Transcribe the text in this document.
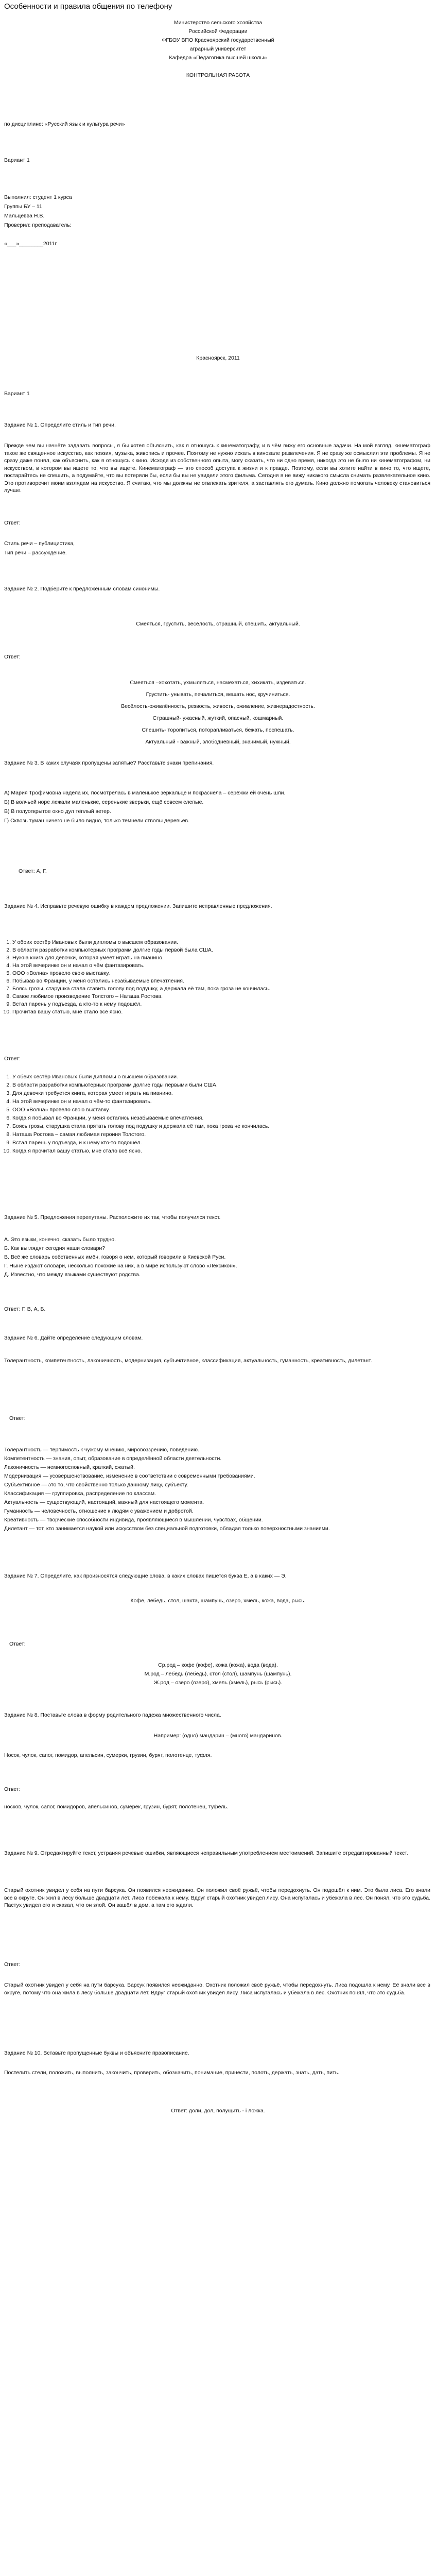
Особенности и правила общения по телефону
Министерство сельского хозяйства
Российской Федерации
ФГБОУ ВПО Красноярский государственный
аграрный университет
Кафедра «Педагогика высшей школы»
КОНТРОЛЬНАЯ РАБОТА
по дисциплине: «Русский язык и культура речи»
Вариант 1
Выполнил: студент 1 курса
Группы БУ – 11
Мальцевва Н.В.
Проверил: преподаватель:
«___»________2011г
Красноярск, 2011
Вариант 1
Задание № 1. Определите стиль и тип речи.
Прежде чем вы начнёте задавать вопросы, я бы хотел объяснить, как я отношусь к кинематографу, и в чём вижу его основные задачи. На мой взгляд, кинематограф такое же священное искусство, как поэзия, музыка, живопись и прочее. Поэтому не нужно искать в кинозале развлечения. Я не сразу же осмыслил эти проблемы. Я не сразу даже понял, как объяснить, как я отношусь к кино. Исходя из собственного опыта, могу сказать, что ни одно время, никогда это не было ни кинематографом, ни искусством, в котором вы ищете то, что вы ищете. Кинематограф — это способ доступа к жизни и к правде. Поэтому, если вы хотите найти в кино то, что ищете, постарайтесь не спешить, а подумайте, что вы потеряли бы, если бы вы не увидели этого фильма. Сегодня я не вижу никакого смысла снимать развлекательное кино. Это противоречит моим взглядам на искусство. Я считаю, что мы должны не отвлекать зрителя, а заставлять его думать. Кино должно помогать человеку становиться лучше.
Ответ:
Стиль речи – публицистика,
Тип речи – рассуждение.
Задание № 2. Подберите к предложенным словам синонимы.
Смеяться, грустить, весёлость, страшный, спешить, актуальный.
Ответ:
Смеяться –хохотать, ухмыляться, насмехаться, хихикать, издеваться.
Грустить- унывать, печалиться, вешать нос, кручиниться.
Весёлость-оживлённость, резвость, живость, оживление, жизнерадостность.
Страшный- ужасный, жуткий, опасный, кошмарный.
Спешить- торопиться, поторапливаться, бежать, поспешать.
Актуальный - важный, злободневный, значимый, нужный.
Задание № 3. В каких случаях пропущены запятые? Расставьте знаки препинания.
А) Мария Трофимовна надела их, посмотрелась в маленькое зеркальце и покраснела – серёжки ей очень шли.
Б) В волчьей норе лежали маленькие, серенькие зверьки, ещё совсем слепые.
В) В полуоткрытое окно дул тёплый ветер.
Г) Сквозь туман ничего не было видно, только темнели стволы деревьев.
Ответ: А, Г.
Задание № 4. Исправьте речевую ошибку в каждом предложении. Запишите исправленные предложения.
1. У обоих сестёр Ивановых были дипломы о высшем образовании.
2. В области разработки компьютерных программ долгие годы первой была США.
3. Нужна книга для девочки, которая умеет играть на пианино.
4. На этой вечеринке он и начал о чём фантазировать.
5. ООО «Волна» провело свою выставку.
6. Побывав во Франции, у меня остались незабываемые впечатления.
7. Боясь грозы, старушка стала ставить голову под подушку, а держала её там, пока гроза не кончилась.
8. Самое любимое произведение Толстого – Наташа Ростова.
9. Встал парень у подъезда, а кто-то к нему подошёл.
10. Прочитав вашу статью, мне стало всё ясно.
Ответ:
1. У обеих сестёр Ивановых были дипломы о высшем образовании.
2. В области разработки компьютерных программ долгие годы первыми были США.
3. Для девочки требуется книга, которая умеет играть на пианино.
4. На этой вечеринке он и начал о чём-то фантазировать.
5. ООО «Волна» провело свою выставку.
6. Когда я побывал во Франции, у меня остались незабываемые впечатления.
7. Боясь грозы, старушка стала прятать голову под подушку и держала её там, пока гроза не кончилась.
8. Наташа Ростова – самая любимая героиня Толстого.
9. Встал парень у подъезда, и к нему кто-то подошёл.
10. Когда я прочитал вашу статью, мне стало всё ясно.
Задание № 5. Предложения перепутаны. Расположите их так, чтобы получился текст.
А. Это языки, конечно, сказать было трудно.
Б. Как выглядят сегодня наши словари?
В. Всё же словарь собственных имён, говоря о нем, который говорили в Киевской Руси.
Г. Ныне издают словари, несколько похожие на них, а в мире используют слово «Лексикон».
Д. Известно, что между языками существуют родства.
Ответ: Г, В, А, Б.
Задание № 6. Дайте определение следующим словам.
Толерантность, компетентность, лаконичность, модернизация, субъективное, классификация, актуальность, гуманность, креативность, дилетант.
Ответ:
Толерантность — терпимость к чужому мнению, мировоззрению, поведению.
Компетентность — знания, опыт, образование в определённой области деятельности.
Лаконичность — немногословный, краткий, сжатый.
Модернизация — усовершенствование, изменение в соответствии с современными требованиями.
Субъективное — это то, что свойственно только данному лицу, субъекту.
Классификация — группировка, распределение по классам.
Актуальность — существующий, настоящий, важный для настоящего момента.
Гуманность — человечность, отношение к людям с уважением и добротой.
Креативность — творческие способности индивида, проявляющиеся в мышлении, чувствах, общении.
Дилетант — тот, кто занимается наукой или искусством без специальной подготовки, обладая только поверхностными знаниями.
Задание № 7. Определите, как произносятся следующие слова, в каких словах пишется буква Е, а в каких — Э.
Кофе, лебедь, стол, шахта, шампунь, озеро, хмель, кожа, вода, рысь.
Ответ:
Ср.род – кофе (кофе), кожа (кожа), вода (вода).
М.род – лебедь (лебедь), стол (стол), шампунь (шампунь).
Ж.род – озеро (озеро), хмель (хмель), рысь (рысь).
Задание № 8. Поставьте слова в форму родительного падежа множественного числа.
Например: (одно) мандарин – (много) мандаринов.
Носок, чулок, сапог, помидор, апельсин, сумерки, грузин, бурят, полотенце, туфля.
Ответ:
носков, чулок, сапог, помидоров, апельсинов, сумерек, грузин, бурят, полотенец, туфель.
Задание № 9. Отредактируйте текст, устраняя речевые ошибки, являющиеся неправильным употреблением местоимений. Запишите отредактированный текст.
Старый охотник увидел у себя на пути барсука. Он появился неожиданно. Он положил своё ружьё, чтобы передохнуть. Он подошёл к ним. Это была лиса. Его знали все в округе. Он жил в лесу больше двадцати лет. Лиса побежала к нему. Вдруг старый охотник увидел лису. Она испугалась и убежала в лес. Он понял, что это судьба. Пастух увидел его и сказал, что он злой. Он зашёл в дом, а там его ждали.
Ответ:
Старый охотник увидел у себя на пути барсука. Барсук появился неожиданно. Охотник положил своё ружьё, чтобы передохнуть. Лиса подошла к нему. Её знали все в округе, потому что она жила в лесу больше двадцати лет. Вдруг старый охотник увидел лису. Лиса испугалась и убежала в лес. Охотник понял, что это судьба.
Задание № 10. Вставьте пропущенные буквы и объясните правописание.
Постелить стели, положить, выполнить, закончить, проверить, обозначить, понимание, принести, полоть, держать, знать, дать, пить.
Ответ: доли, дол, полущить - і ложка.
